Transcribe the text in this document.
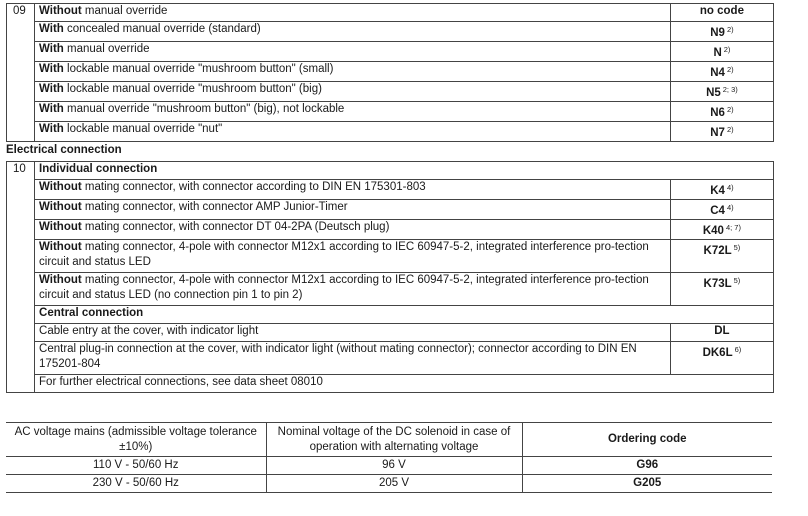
09	Without manual override	no code
	With concealed manual override (standard)	N9 $^{2)}$
	With manual override	N $^{2)}$
	With lockable manual override "mushroom button" (small)	N4 $^{2)}$
	With lockable manual override "mushroom button" (big)	N5 $^{2; 3)}$
	With manual override "mushroom button" (big), not lockable	N6 $^{2)}$
	With lockable manual override "nut"	N7 $^{2)}$
Electrical connection
10	Individual connection	
	Without mating connector, with connector according to DIN EN 175301-803	K4 $^{4)}$
	Without mating connector, with connector AMP Junior-Timer	C4 $^{4)}$
	Without mating connector, with connector DT 04-2PA (Deutsch plug)	K40 $^{4; 7)}$
	Without mating connector, 4-pole with connector M12x1 according to IEC 60947-5-2, integrated interference pro-tection circuit and status LED	K72L $^{5)}$
	Without mating connector, 4-pole with connector M12x1 according to IEC 60947-5-2, integrated interference pro-tection circuit and status LED (no connection pin 1 to pin 2)	K73L $^{5)}$
	Central connection	
	Cable entry at the cover, with indicator light	DL
	Central plug-in connection at the cover, with indicator light (without mating connector); connector according to DIN EN 175201-804	DK6L $^{6)}$
	For further electrical connections, see data sheet 08010	
AC voltage mains (admissible voltage tolerance ±10%)	Nominal voltage of the DC solenoid in case of operation with alternating voltage	Ordering code
110 V - 50/60 Hz	96 V	G96
230 V - 50/60 Hz	205 V	G205
